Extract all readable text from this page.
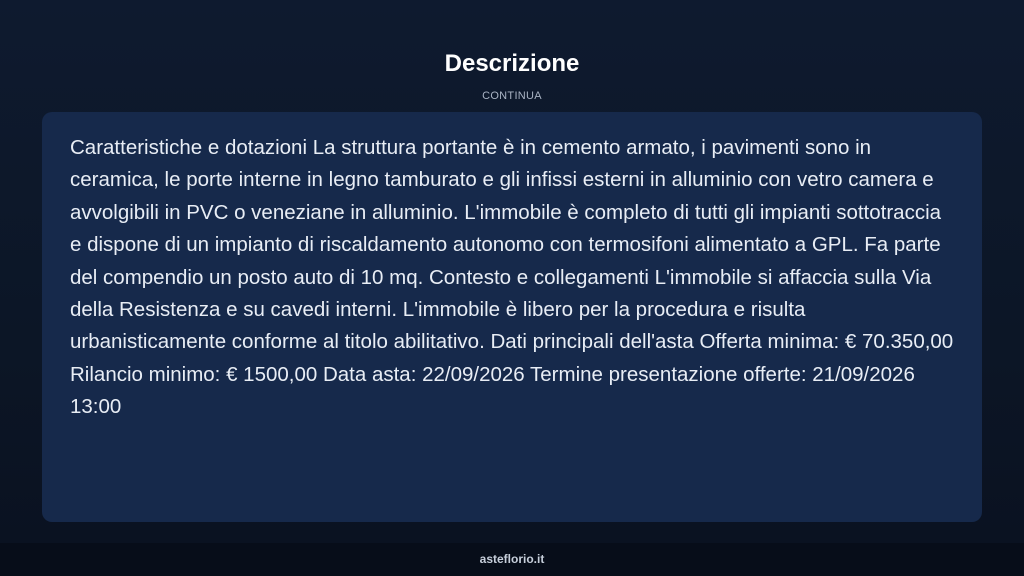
Descrizione
CONTINUA

Caratteristiche e dotazioni La struttura portante è in cemento armato, i pavimenti sono in ceramica, le porte interne in legno tamburato e gli infissi esterni in alluminio con vetro camera e avvolgibili in PVC o veneziane in alluminio. L'immobile è completo di tutti gli impianti sottotraccia e dispone di un impianto di riscaldamento autonomo con termosifoni alimentato a GPL. Fa parte del compendio un posto auto di 10 mq. Contesto e collegamenti L'immobile si affaccia sulla Via della Resistenza e su cavedi interni. L'immobile è libero per la procedura e risulta urbanisticamente conforme al titolo abilitativo. Dati principali dell'asta Offerta minima: € 70.350,00 Rilancio minimo: € 1500,00 Data asta: 22/09/2026 Termine presentazione offerte: 21/09/2026 13:00

asteflorio.it
